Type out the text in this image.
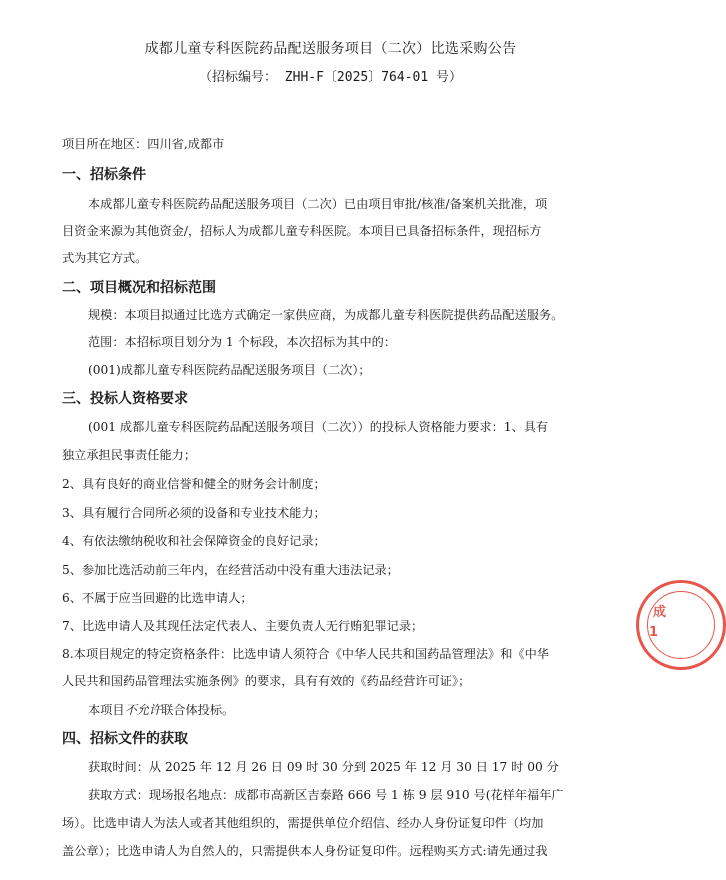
成都儿童专科医院药品配送服务项目（二次）比选采购公告
（招标编号： ZHH-F〔2025〕764-01 号）
项目所在地区：四川省,成都市
一、招标条件
本成都儿童专科医院药品配送服务项目（二次）已由项目审批/核准/备案机关批准，项
目资金来源为其他资金/，招标人为成都儿童专科医院。本项目已具备招标条件，现招标方
式为其它方式。
二、项目概况和招标范围
规模：本项目拟通过比选方式确定一家供应商，为成都儿童专科医院提供药品配送服务。
范围：本招标项目划分为 1 个标段，本次招标为其中的：
(001)成都儿童专科医院药品配送服务项目（二次）；
三、投标人资格要求
(001 成都儿童专科医院药品配送服务项目（二次））的投标人资格能力要求：1、具有
独立承担民事责任能力；
2、具有良好的商业信誉和健全的财务会计制度；
3、具有履行合同所必须的设备和专业技术能力；
4、有依法缴纳税收和社会保障资金的良好记录；
5、参加比选活动前三年内，在经营活动中没有重大违法记录；
6、不属于应当回避的比选申请人；
7、比选申请人及其现任法定代表人、主要负责人无行贿犯罪记录；
8.本项目规定的特定资格条件：比选申请人须符合《中华人民共和国药品管理法》和《中华
人民共和国药品管理法实施条例》的要求，具有有效的《药品经营许可证》；
本项目不允许联合体投标。
四、招标文件的获取
获取时间：从 2025 年 12 月 26 日 09 时 30 分到 2025 年 12 月 30 日 17 时 00 分
获取方式：现场报名地点：成都市高新区吉泰路 666 号 1 栋 9 层 910 号(花样年福年广
场）。比选申请人为法人或者其他组织的，需提供单位介绍信、经办人身份证复印件（均加
盖公章）；比选申请人为自然人的，只需提供本人身份证复印件。远程购买方式:请先通过我
成
1
